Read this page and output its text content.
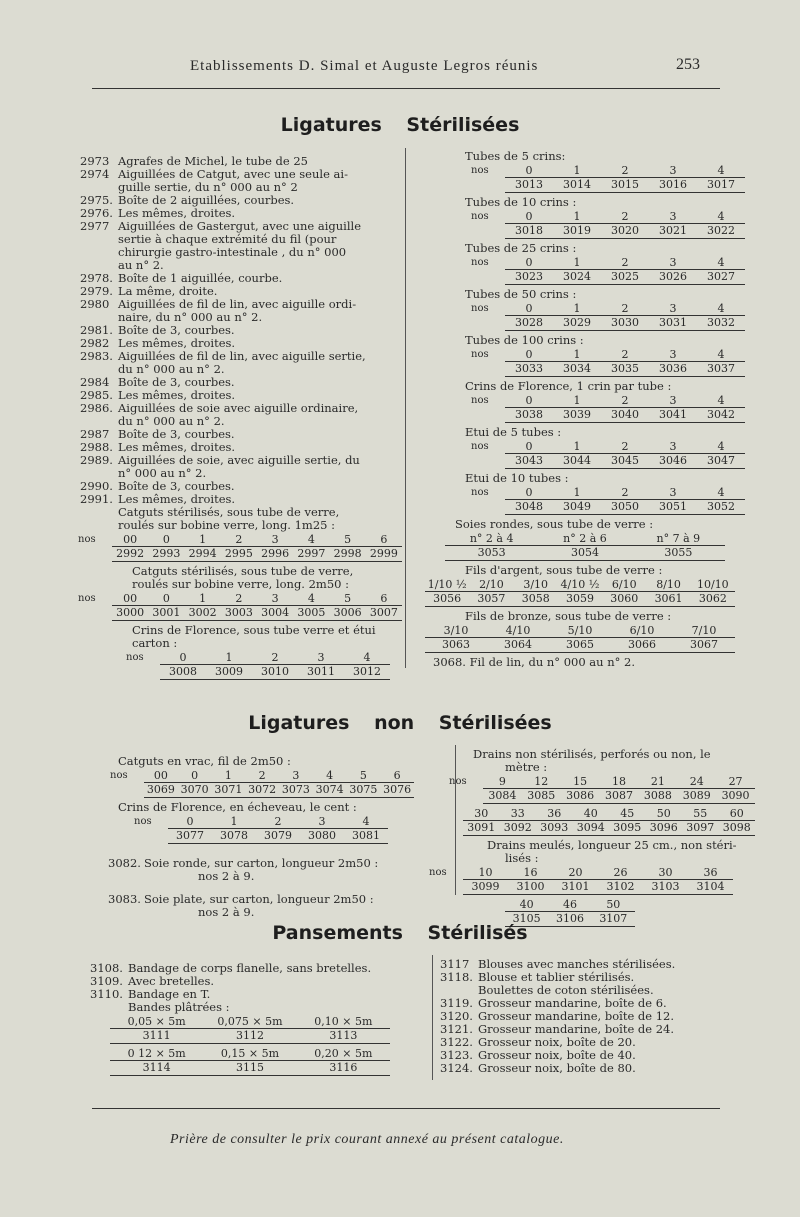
Etablissements D. Simal et Auguste Legros réunis	253
Ligatures Stérilisées
2973 Agrafes de Michel, le tube de 25
2974 Aiguillées de Catgut, avec une seule ai-
guille sertie, du n° 000 au n° 2
2975. Boîte de 2 aiguillées, courbes.
2976. Les mêmes, droites.
2977 Aiguillées de Gastergut, avec une aiguille
sertie à chaque extrémité du fil (pour
chirurgie gastro-intestinale , du n° 000
au n° 2.
2978. Boîte de 1 aiguillée, courbe.
2979. La même, droite.
2980 Aiguillées de fil de lin, avec aiguille ordi-
naire, du n° 000 au n° 2.
2981. Boîte de 3, courbes.
2982 Les mêmes, droites.
2983. Aiguillées de fil de lin, avec aiguille sertie,
du n° 000 au n° 2.
2984 Boîte de 3, courbes.
2985. Les mêmes, droites.
2986. Aiguillées de soie avec aiguille ordinaire,
du n° 000 au n° 2.
2987 Boîte de 3, courbes.
2988. Les mêmes, droites.
2989. Aiguillées de soie, avec aiguille sertie, du
n° 000 au n° 2.
2990. Boîte de 3, courbes.
2991. Les mêmes, droites.
Catguts stérilisés, sous tube de verre,
roulés sur bobine verre, long. 1m25 :
nos	00	0	1	2	3	4	5	6
2992 2993 2994 2995 2996 2997 2998 2999
Catguts stérilisés, sous tube de verre,
roulés sur bobine verre, long. 2m50 :
nos	00	0	1	2	3	4	5	6
3000 3001 3002 3003 3004 3005 3006 3007
Crins de Florence, sous tube verre et étui
carton :
nos	0	1	2	3	4
3008	3009	3010	3011	3012
Tubes de 5 crins:
nos	0	1	2	3	4
3013	3014	3015	3016	3017
Tubes de 10 crins :
nos	0	1	2	3	4
3018	3019	3020	3021	3022
Tubes de 25 crins :
nos	0	1	2	3	4
3023	3024	3025	3026	3027
Tubes de 50 crins :
nos	0	1	2	3	4
3028	3029	3030	3031	3032
Tubes de 100 crins :
nos	0	1	2	3	4
3033	3034	3035	3036	3037
Crins de Florence, 1 crin par tube :
nos	0	1	2	3	4
3038	3039	3040	3041	3042
Etui de 5 tubes :
nos	0	1	2	3	4
3043	3044	3045	3046	3047
Etui de 10 tubes :
nos	0	1	2	3	4
3048	3049	3050	3051	3052
Soies rondes, sous tube de verre :
n° 2 à 4	n° 2 à 6	n° 7 à 9
3053	3054	3055
Fils d'argent, sous tube de verre :
1/10 ½	2/10	3/10	4/10 ½	6/10	8/10	10/10
3056	3057	3058	3059	3060	3061	3062
Fils de bronze, sous tube de verre :
3/10	4/10	5/10	6/10	7/10
3063	3064	3065	3066	3067
3068. Fil de lin, du n° 000 au n° 2.
Ligatures non Stérilisées
Catguts en vrac, fil de 2m50 :
nos	00	0	1	2	3	4	5	6
3069 3070 3071 3072 3073 3074 3075 3076
Crins de Florence, en écheveau, le cent :
nos	0	1	2	3	4
3077	3078	3079	3080	3081
3082. Soie ronde, sur carton, longueur 2m50 :
nos 2 à 9.
3083. Soie plate, sur carton, longueur 2m50 :
nos 2 à 9.
Drains non stérilisés, perforés ou non, le
mètre :
nos	9	12	15	18	21	24	27
3084 3085 3086 3087 3088 3089 3090
30	33	36	40	45	50	55	60
3091 3092 3093 3094 3095 3096 3097 3098
Drains meulés, longueur 25 cm., non stéri-
lisés :
nos	10	16	20	26	30	36
3099	3100	3101	3102	3103	3104
40	46	50
3105	3106	3107
Pansements Stérilisés
3108. Bandage de corps flanelle, sans bretelles.
3109. Avec bretelles.
3110. Bandage en T.
Bandes plâtrées :
0,05 × 5m	0,075 × 5m	0,10 × 5m
3111	3112	3113
0 12 × 5m	0,15 × 5m	0,20 × 5m
3114	3115	3116
3117 Blouses avec manches stérilisées.
3118. Blouse et tablier stérilisés.
Boulettes de coton stérilisées.
3119. Grosseur mandarine, boîte de 6.
3120. Grosseur mandarine, boîte de 12.
3121. Grosseur mandarine, boîte de 24.
3122. Grosseur noix, boîte de 20.
3123. Grosseur noix, boîte de 40.
3124. Grosseur noix, boîte de 80.
Prière de consulter le prix courant annexé au présent catalogue.
